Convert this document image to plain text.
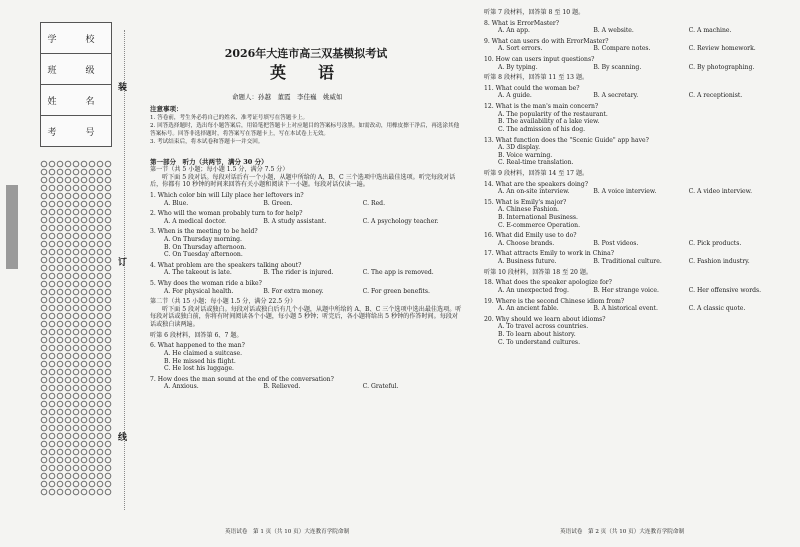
学　校
班　级
姓　名
考　号
装
订
线
2026年大连市高三双基模拟考试
英　语
命题人：孙越　董霞　李佳巍　姚威如
注意事项：
1. 答卷前，考生务必将自己的姓名、准考证号填写在答题卡上。
2. 回答选择题时，选出每小题答案后，用铅笔把答题卡上对应题目的答案标号涂黑。如需改动，用橡皮擦干净后，再选涂其他答案标号。回答非选择题时，将答案写在答题卡上，写在本试卷上无效。
3. 考试结束后，将本试卷和答题卡一并交回。
第一部分　听力（共两节，满分 30 分）
第一节（共 5 小题；每小题 1.5 分，满分 7.5 分）
听下面 5 段对话。每段对话后有一个小题，从题中所给的 A、B、C 三个选项中选出最佳选项。听完每段对话后，你都有 10 秒钟的时间来回答有关小题和阅读下一小题。每段对话仅读一遍。
1. Which color bin will Lily place her leftovers in?
A. Blue.	B. Green.	C. Red.
2. Who will the woman probably turn to for help?
A. A medical doctor.	B. A study assistant.	C. A psychology teacher.
3. When is the meeting to be held?
A. On Thursday morning.
B. On Thursday afternoon.
C. On Tuesday afternoon.
4. What problem are the speakers talking about?
A. The takeout is late.	B. The rider is injured.	C. The app is removed.
5. Why does the woman ride a bike?
A. For physical health.	B. For extra money.	C. For green benefits.
第二节（共 15 小题；每小题 1.5 分，满分 22.5 分）
听下面 5 段对话或独白。每段对话或独白后有几个小题，从题中所给的 A、B、C 三个选项中选出最佳选项。听每段对话或独白前，你将有时间阅读各个小题，每小题 5 秒钟；听完后，各小题将给出 5 秒钟的作答时间。每段对话或独白读两遍。
听第 6 段材料，回答第 6、7 题。
6. What happened to the man?
A. He claimed a suitcase.
B. He missed his flight.
C. He lost his luggage.
7. How does the man sound at the end of the conversation?
A. Anxious.	B. Relieved.	C. Grateful.
听第 7 段材料，回答第 8 至 10 题。
8. What is ErrorMaster?
A. An app.	B. A website.	C. A machine.
9. What can users do with ErrorMaster?
A. Sort errors.	B. Compare notes.	C. Review homework.
10. How can users input questions?
A. By typing.	B. By scanning.	C. By photographing.
听第 8 段材料，回答第 11 至 13 题。
11. What could the woman be?
A. A guide.	B. A secretary.	C. A receptionist.
12. What is the man's main concern?
A. The popularity of the restaurant.
B. The availability of a lake view.
C. The admission of his dog.
13. What function does the "Scenic Guide" app have?
A. 3D display.
B. Voice warning.
C. Real-time translation.
听第 9 段材料，回答第 14 至 17 题。
14. What are the speakers doing?
A. An on-site interview.	B. A voice interview.	C. A video interview.
15. What is Emily's major?
A. Chinese Fashion.
B. International Business.
C. E-commerce Operation.
16. What did Emily use to do?
A. Choose brands.	B. Post videos.	C. Pick products.
17. What attracts Emily to work in China?
A. Business future.	B. Traditional culture.	C. Fashion industry.
听第 10 段材料，回答第 18 至 20 题。
18. What does the speaker apologize for?
A. An unexpected frog.	B. Her strange voice.	C. Her offensive words.
19. Where is the second Chinese idiom from?
A. An ancient fable.	B. A historical event.	C. A classic quote.
20. Why should we learn about idioms?
A. To travel across countries.
B. To learn about history.
C. To understand cultures.
英语试卷　第 1 页（共 10 页）大连教育学院命制	英语试卷　第 2 页（共 10 页）大连教育学院命制
